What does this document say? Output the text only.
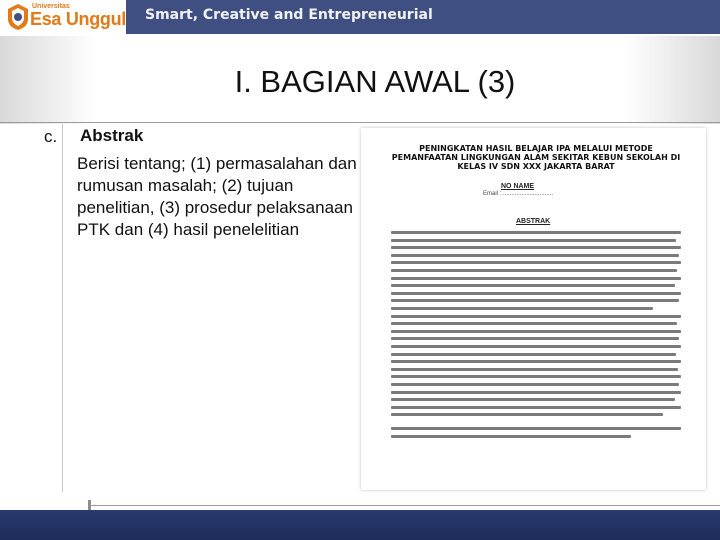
Universitas
Esa Unggul Smart, Creative and Entrepreneurial
I. BAGIAN AWAL (3)
c. Abstrak
Berisi tentang; (1) permasalahan dan rumusan masalah; (2) tujuan penelitian, (3) prosedur pelaksanaan PTK dan (4) hasil penelelitian
PENINGKATAN HASIL BELAJAR IPA MELALUI METODE PEMANFAATAN LINGKUNGAN ALAM SEKITAR KEBUN SEKOLAH DI KELAS IV SDN XXX JAKARTA BARAT
NO NAME
Email : ..............................
ABSTRAK
